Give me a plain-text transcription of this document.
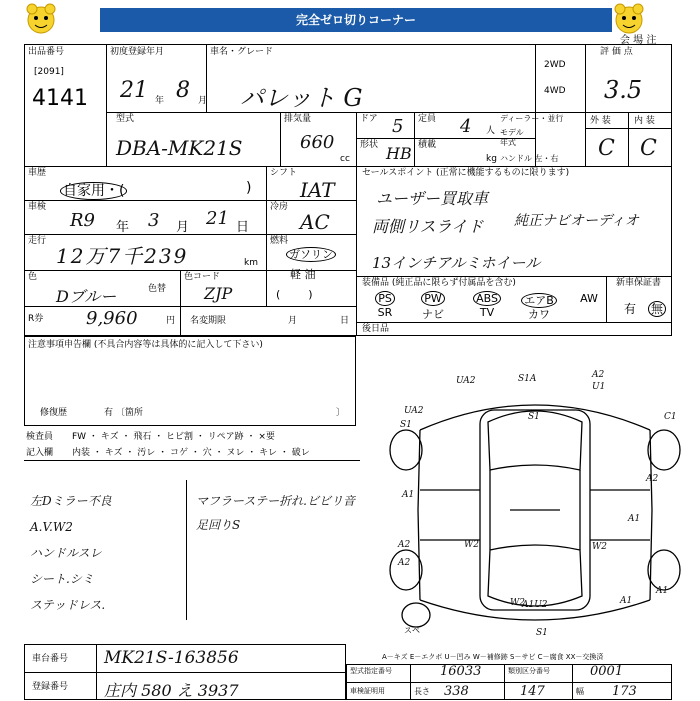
完全ゼロ切りコーナー
会 場 注
出品番号
[2091]
4141
初度登録年月
21 年 8 月
車名・グレード
パレット G
2WD
4WD
評 価 点
3.5
外 装	内 装
C C
型式
DBA-MK21S
排気量
660
cc
ドア 5 定員 4 人
形状 HB 積載
kg
ディーラー・並行
モデル年式
ハンドル 左・右
車歴
自家用・(	)
シフト
IAT
車検
R9 年 3 月 21 日
冷房
AC
走行
12万7千239	km
燃料
ガソリン
軽 油
(        )
色
Dブルー	色替
色コード
ZJP
R券 9,960	円 名変期限	月	日
セールスポイント (正常に機能するものに限ります)
ユーザー買取車
両側リスライド 純正ナビオーディオ
13インチアルミホイール
装備品 (純正品に限らず付属品を含む)	新車保証書
有 無
PS	PW	ABS	エアB	AW
SR	ナビ	TV	カワ
後日品
注意事項申告欄 (不具合内容等は具体的に記入して下さい)
修復歴	有 〔箇所	〕
検査員
記入欄
FW ・ キズ ・ 飛石 ・ ヒビ割 ・ リペア跡 ・ ×要
内装 ・ キズ ・ 汚レ ・ コゲ ・ 穴 ・ ヌレ ・ キレ ・ 破レ
左Dミラー不良
A.V.W2
ハンドルスレ
シート.シミ
ステッドレス.
マフラーステー折れ.ビビリ音
足回りS
UA2	S1A	A2
U1
UA2
S1
S1	C1
A2
A1
A1
W2	W2
W2
A2
A2
A1
A1U2	A1
S1
スペ
A－キズ E－エクボ U－凹み W－補修跡 S－サビ C－腐食 XX－交換済
車台番号 MK21S-163856
登録番号 庄内 580 え 3937
型式指定番号	16033	類別区分番号	0001
車検証明用	長さ 338	147	幅 173
